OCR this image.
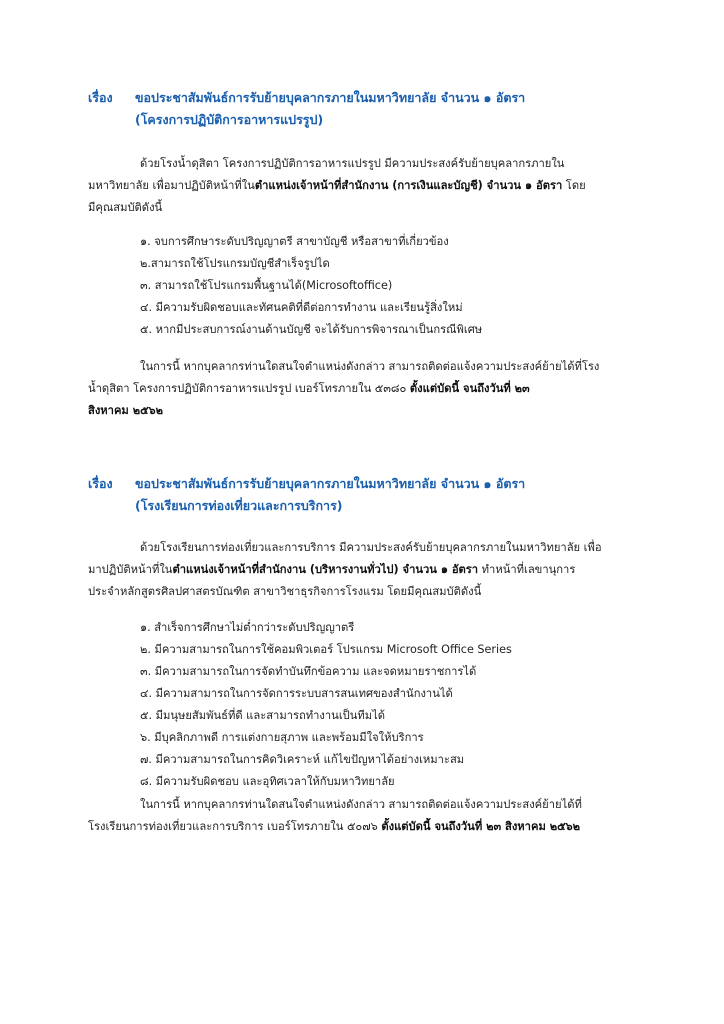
เรื่อง	ขอประชาสัมพันธ์การรับย้ายบุคลากรภายในมหาวิทยาลัย จำนวน ๑ อัตรา
(โครงการปฏิบัติการอาหารแปรรูป)
ด้วยโรงน้ำดุสิตา โครงการปฏิบัติการอาหารแปรรูป มีความประสงค์รับย้ายบุคลากรภายใน
มหาวิทยาลัย เพื่อมาปฏิบัติหน้าที่ในตำแหน่งเจ้าหน้าที่สำนักงาน (การเงินและบัญชี) จำนวน ๑ อัตรา โดย
มีคุณสมบัติดังนี้
๑. จบการศึกษาระดับปริญญาตรี สาขาบัญชี หรือสาขาที่เกี่ยวข้อง
๒.สามารถใช้โปรแกรมบัญชีสำเร็จรูปได
๓. สามารถใช้โปรแกรมพื้นฐานได้(Microsoftoffice)
๔. มีความรับผิดชอบและทัศนคติที่ดีต่อการทำงาน และเรียนรู้สิ่งใหม่
๕. หากมีประสบการณ์งานด้านบัญชี จะได้รับการพิจารณาเป็นกรณีพิเศษ
ในการนี้ หากบุคลากรท่านใดสนใจตำแหน่งดังกล่าว สามารถติดต่อแจ้งความประสงค์ย้ายได้ที่โรง
น้ำดุสิตา โครงการปฏิบัติการอาหารแปรรูป เบอร์โทรภายใน ๕๓๘๐ ตั้งแต่บัดนี้ จนถึงวันที่ ๒๓
สิงหาคม ๒๕๖๒
เรื่อง	ขอประชาสัมพันธ์การรับย้ายบุคลากรภายในมหาวิทยาลัย จำนวน ๑ อัตรา
(โรงเรียนการท่องเที่ยวและการบริการ)
ด้วยโรงเรียนการท่องเที่ยวและการบริการ มีความประสงค์รับย้ายบุคลากรภายในมหาวิทยาลัย เพื่อ
มาปฏิบัติหน้าที่ในตำแหน่งเจ้าหน้าที่สำนักงาน (บริหารงานทั่วไป) จำนวน ๑ อัตรา ทำหน้าที่เลขานุการ
ประจำหลักสูตรศิลปศาสตรบัณฑิต สาขาวิชาธุรกิจการโรงแรม โดยมีคุณสมบัติดังนี้
๑. สำเร็จการศึกษาไม่ต่ำกว่าระดับปริญญาตรี
๒. มีความสามารถในการใช้คอมพิวเตอร์ โปรแกรม Microsoft Office Series
๓. มีความสามารถในการจัดทำบันทึกข้อความ และจดหมายราชการได้
๔. มีความสามารถในการจัดการระบบสารสนเทศของสำนักงานได้
๕. มีมนุษยสัมพันธ์ที่ดี และสามารถทำงานเป็นทีมได้
๖. มีบุคลิกภาพดี การแต่งกายสุภาพ และพร้อมมีใจให้บริการ
๗. มีความสามารถในการคิดวิเคราะห์ แก้ไขปัญหาได้อย่างเหมาะสม
๘. มีความรับผิดชอบ และอุทิศเวลาให้กับมหาวิทยาลัย
ในการนี้ หากบุคลากรท่านใดสนใจตำแหน่งดังกล่าว สามารถติดต่อแจ้งความประสงค์ย้ายได้ที่
โรงเรียนการท่องเที่ยวและการบริการ เบอร์โทรภายใน ๕๐๗๖ ตั้งแต่บัดนี้ จนถึงวันที่ ๒๓ สิงหาคม ๒๕๖๒
